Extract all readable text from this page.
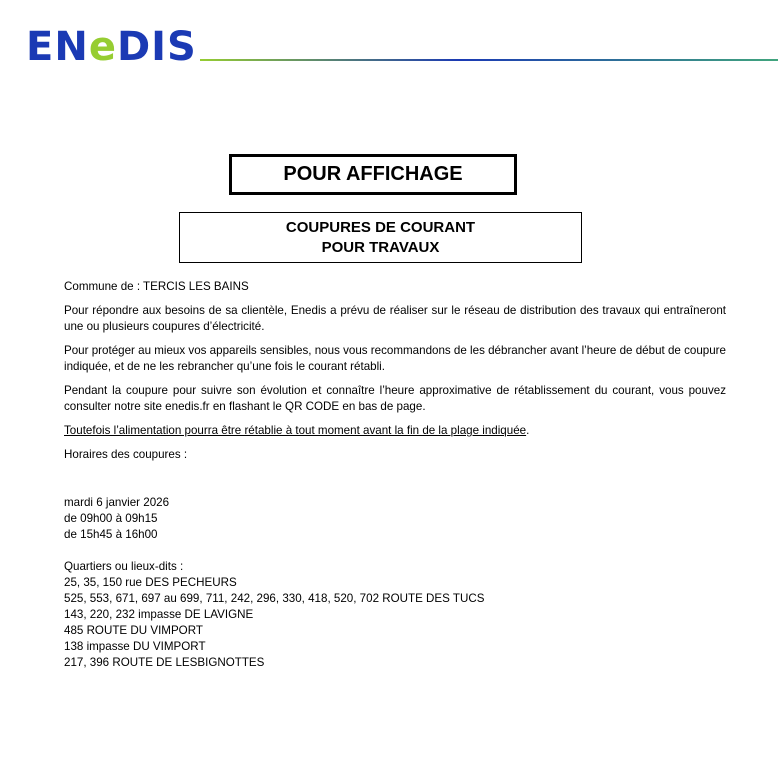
ENeDIS
POUR AFFICHAGE
COUPURES DE COURANT
POUR TRAVAUX

Commune de : TERCIS LES BAINS

Pour répondre aux besoins de sa clientèle, Enedis a prévu de réaliser sur le réseau de distribution des travaux qui entraîneront une ou plusieurs coupures d’électricité.

Pour protéger au mieux vos appareils sensibles, nous vous recommandons de les débrancher avant l’heure de début de coupure indiquée, et de ne les rebrancher qu’une fois le courant rétabli.

Pendant la coupure pour suivre son évolution et connaître l’heure approximative de rétablissement du courant, vous pouvez consulter notre site enedis.fr en flashant le QR CODE en bas de page.

Toutefois l’alimentation pourra être rétablie à tout moment avant la fin de la plage indiquée.

Horaires des coupures :

mardi 6 janvier 2026
de 09h00 à 09h15
de 15h45 à 16h00
Quartiers ou lieux-dits :
25, 35, 150 rue DES PECHEURS
525, 553, 671, 697 au 699, 711, 242, 296, 330, 418, 520, 702 ROUTE DES TUCS
143, 220, 232 impasse DE LAVIGNE
485 ROUTE DU VIMPORT
138 impasse DU VIMPORT
217, 396 ROUTE DE LESBIGNOTTES
